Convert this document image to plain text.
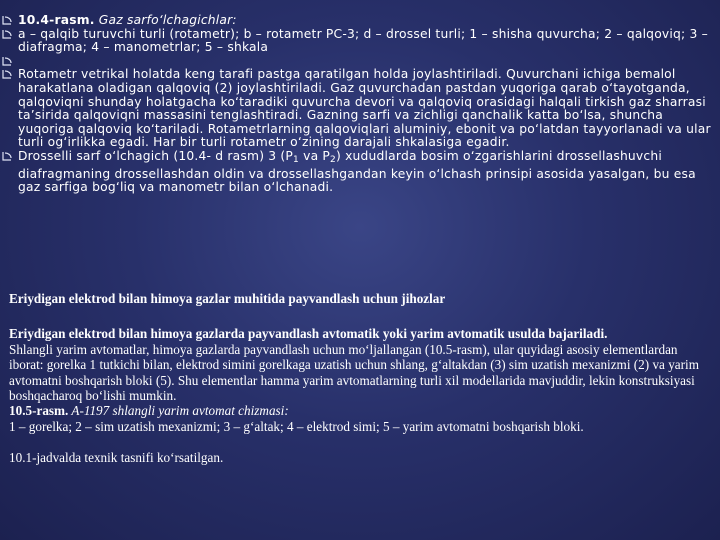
10.4-rasm. Gaz sarfo‘lchagichlar:
a – qalqib turuvchi turli (rotametr); b – rotametr PC-3; d – drossel turli; 1 – shisha quvurcha; 2 – qalqoviq; 3 – diafragma; 4 – manometrlar; 5 – shkala
Rotametr vetrikal holatda keng tarafi pastga qaratilgan holda joylashtiriladi. Quvurchani ichiga bemalol harakatlana oladigan qalqoviq (2) joylashtiriladi. Gaz quvurchadan pastdan yuqoriga qarab o‘tayotganda, qalqoviqni shunday holatgacha ko‘taradiki quvurcha devori va qalqoviq orasidagi halqali tirkish gaz sharrasi ta’sirida qalqoviqni massasini tenglashtiradi. Gazning sarfi va zichligi qanchalik katta bo‘lsa, shuncha yuqoriga qalqoviq ko‘tariladi. Rotametrlarning qalqoviqlari aluminiy, ebonit va po‘latdan tayyorlanadi va ular turli og‘irlikka egadi. Har bir turli rotametr o‘zining darajali shkalasiga egadir.
Drosselli sarf o‘lchagich (10.4- d rasm) 3 ($P_1$ va $P_2$) xududlarda bosim o‘zgarishlarini drossellashuvchi diafragmaning drossellashdan oldin va drossellashgandan keyin o‘lchash prinsipi asosida yasalgan, bu esa gaz sarfiga bog‘liq va manometr bilan o‘lchanadi.

Eriydigan elektrod bilan himoya gazlar muhitida payvandlash uchun jihozlar

Eriydigan elektrod bilan himoya gazlarda payvandlash avtomatik yoki yarim avtomatik usulda bajariladi.

Shlangli yarim avtomatlar, himoya gazlarda payvandlash uchun mo‘ljallangan (10.5-rasm), ular quyidagi asosiy elementlardan iborat: gorelka 1 tutkichi bilan, elektrod simini gorelkaga uzatish uchun shlang, g‘altakdan (3) sim uzatish mexanizmi (2) va yarim avtomatni boshqarish bloki (5). Shu elementlar hamma yarim avtomatlarning turli xil modellarida mavjuddir, lekin konstruksiyasi boshqacharoq bo‘lishi mumkin.

10.5-rasm. A-1197 shlangli yarim avtomat chizmasi:

1 – gorelka; 2 – sim uzatish mexanizmi; 3 – g‘altak; 4 – elektrod simi; 5 – yarim avtomatni boshqarish bloki.

10.1-jadvalda texnik tasnifi ko‘rsatilgan.
